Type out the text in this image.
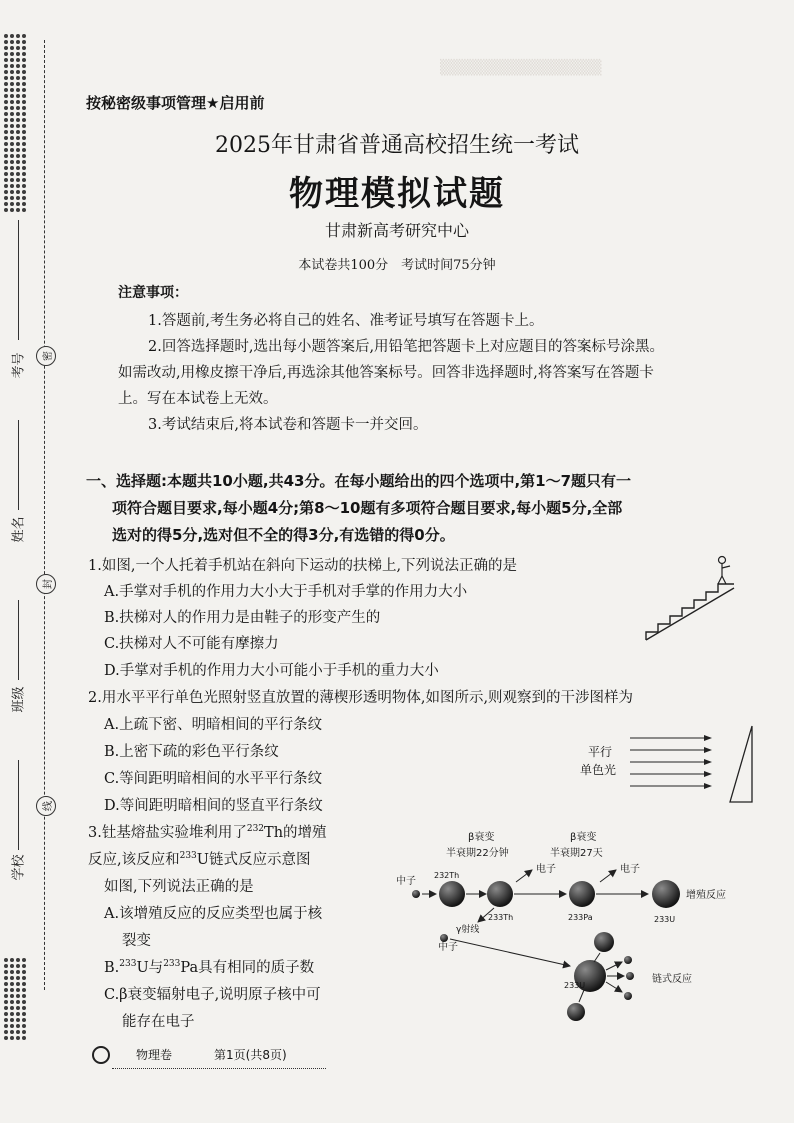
▒▒▒▒▒▒▒▒▒▒▒▒▒▒▒
密
封
线
考号
姓名
班级
学校
按秘密级事项管理★启用前
2025年甘肃省普通高校招生统一考试
物理模拟试题
甘肃新高考研究中心
本试卷共100分　考试时间75分钟
注意事项：
1.答题前,考生务必将自己的姓名、准考证号填写在答题卡上。
2.回答选择题时,选出每小题答案后,用铅笔把答题卡上对应题目的答案标号涂黑。
如需改动,用橡皮擦干净后,再选涂其他答案标号。回答非选择题时,将答案写在答题卡
上。写在本试卷上无效。
3.考试结束后,将本试卷和答题卡一并交回。
一、选择题:本题共10小题,共43分。在每小题给出的四个选项中,第1～7题只有一
项符合题目要求,每小题4分;第8～10题有多项符合题目要求,每小题5分,全部
选对的得5分,选对但不全的得3分,有选错的得0分。
1.如图,一个人托着手机站在斜向下运动的扶梯上,下列说法正确的是
A.手掌对手机的作用力大小大于手机对手掌的作用力大小
B.扶梯对人的作用力是由鞋子的形变产生的
C.扶梯对人不可能有摩擦力
D.手掌对手机的作用力大小可能小于手机的重力大小
2.用水平平行单色光照射竖直放置的薄楔形透明物体,如图所示,则观察到的干涉图样为
A.上疏下密、明暗相间的平行条纹
B.上密下疏的彩色平行条纹
C.等间距明暗相间的水平平行条纹
D.等间距明暗相间的竖直平行条纹
平行
单色光
3.钍基熔盐实验堆利用了$^{232}$Th的增殖
反应,该反应和$^{233}$U链式反应示意图
如图,下列说法正确的是
A.该增殖反应的反应类型也属于核
裂变
B.$^{233}$U与$^{233}$Pa具有相同的质子数
C.β衰变辐射电子,说明原子核中可
能存在电子
β衰变
半衰期22分钟
β衰变
半衰期27天
电子	电子
中子
232Th
233Th
γ射线
233Pa	233U
增殖反应
中子
233U
链式反应
物理卷	第1页(共8页)
